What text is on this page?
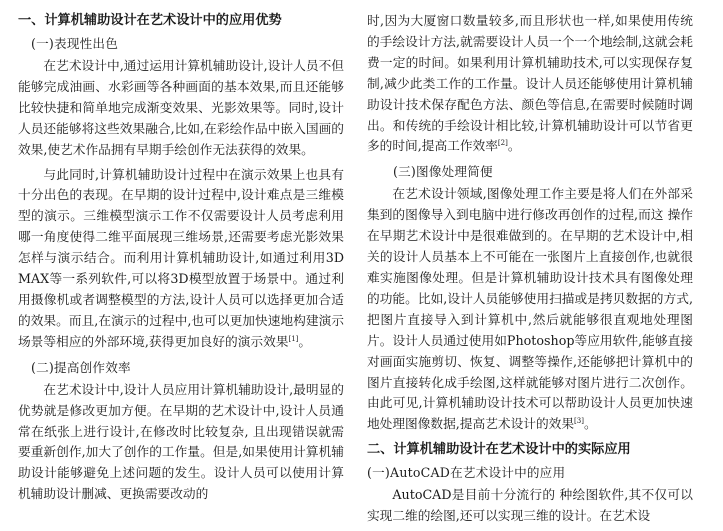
一、计算机辅助设计在艺术设计中的应用优势
(一)表现性出色

在艺术设计中,通过运用计算机辅助设计,设计人员不但能够完成油画、水彩画等各种画面的基本效果,而且还能够比较快捷和简单地完成渐变效果、光影效果等。同时,设计人员还能够将这些效果融合,比如,在彩绘作品中嵌入国画的效果,使艺术作品拥有早期手绘创作无法获得的效果。

与此同时,计算机辅助设计过程中在演示效果上也具有十分出色的表现。在早期的设计过程中,设计难点是三维模型的演示。三维模型演示工作不仅需要设计人员考虑利用哪一角度使得二维平面展现三维场景,还需要考虑光影效果怎样与演示结合。而利用计算机辅助设计,如通过利用3D MAX等一系列软件,可以将3D模型放置于场景中。通过利用摄像机或者调整模型的方法,设计人员可以选择更加合适的效果。而且,在演示的过程中,也可以更加快速地构建演示场景等相应的外部环境,获得更加良好的演示效果[1]。

(二)提高创作效率

在艺术设计中,设计人员应用计算机辅助设计,最明显的优势就是修改更加方便。在早期的艺术设计中,设计人员通常在纸张上进行设计,在修改时比较复杂, 且出现错误就需要重新创作,加大了创作的工作量。但是,如果使用计算机辅助设计能够避免上述问题的发生。设计人员可以使用计算机辅助设计删减、更换需要改动的

时,因为大厦窗口数量较多,而且形状也一样,如果使用传统的手绘设计方法,就需要设计人员一个一个地绘制,这就会耗费一定的时间。如果利用计算机辅助技术,可以实现保存复制,减少此类工作的工作量。设计人员还能够使用计算机辅助设计技术保存配色方法、颜色等信息,在需要时候随时调出。和传统的手绘设计相比较,计算机辅助设计可以节省更多的时间,提高工作效率[2]。

(三)图像处理简便

在艺术设计领域,图像处理工作主要是将人们在外部采集到的图像导入到电脑中进行修改再创作的过程,而这 操作在早期艺术设计中是很难做到的。在早期的艺术设计中,相关的设计人员基本上不可能在一张图片上直接创作,也就很难实施图像处理。但是计算机辅助设计技术具有图像处理的功能。比如,设计人员能够使用扫描或是拷贝数据的方式,把图片直接导入到计算机中,然后就能够很直观地处理图片。设计人员通过使用如Photoshop等应用软件,能够直接对画面实施剪切、恢复、调整等操作,还能够把计算机中的图片直接转化成手绘图,这样就能够对图片进行二次创作。由此可见,计算机辅助设计技术可以帮助设计人员更加快速地处理图像数据,提高艺术设计的效果[3]。

二、计算机辅助设计在艺术设计中的实际应用
(一)AutoCAD在艺术设计中的应用

AutoCAD是目前十分流行的 种绘图软件,其不仅可以实现二维的绘图,还可以实现三维的设计。在艺术设
